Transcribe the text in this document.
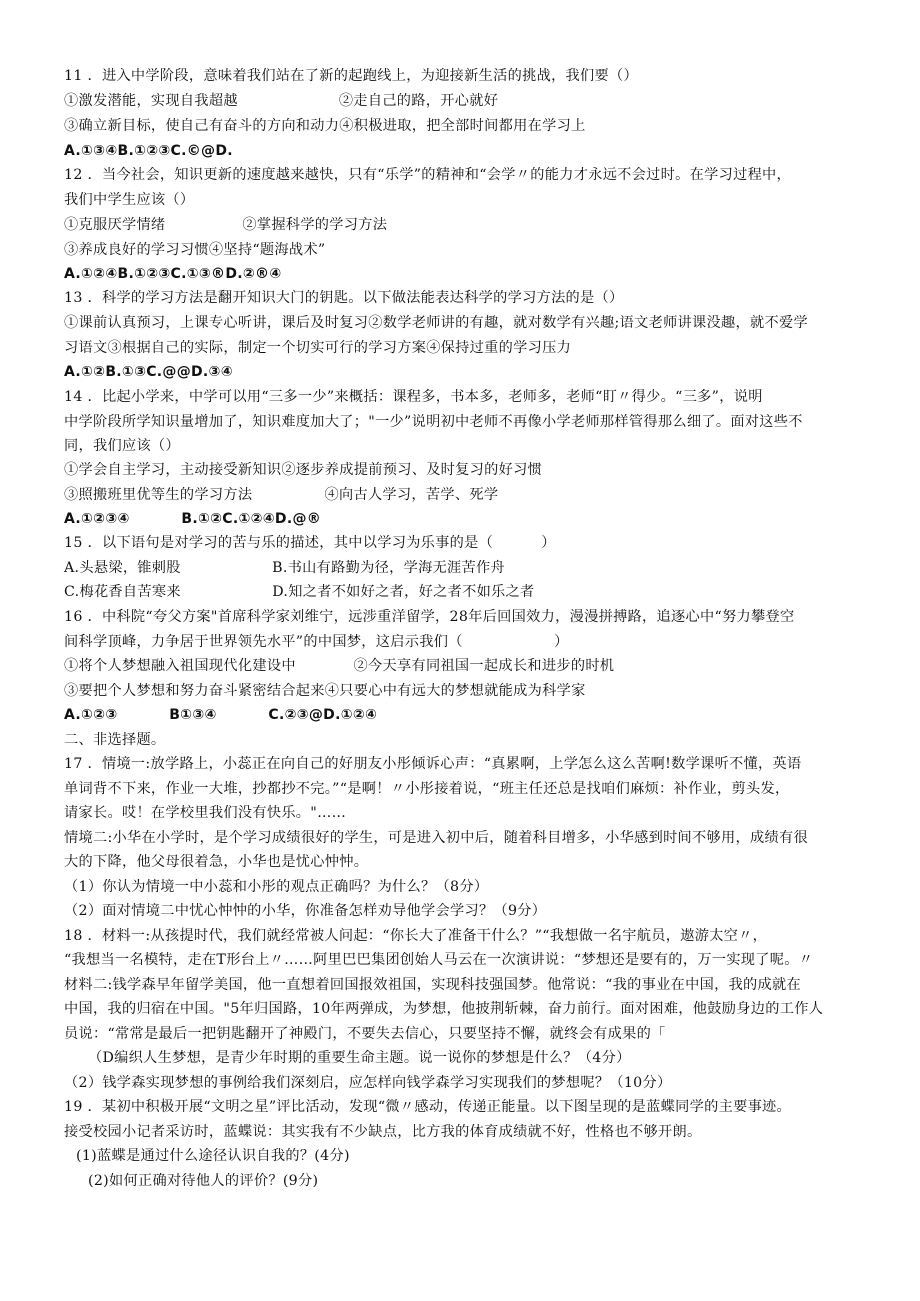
11 ．进入中学阶段，意味着我们站在了新的起跑线上，为迎接新生活的挑战，我们要（）
①激发潜能，实现自我超越                     ②走自己的路，开心就好
③确立新目标，使自己有奋斗的方向和动力④积极进取，把全部时间都用在学习上
A.①③④B.①②③C.©@D.
12 ．当今社会，知识更新的速度越来越快，只有“乐学”的精神和“会学〃的能力才永远不会过时。在学习过程中，
我们中学生应该（）
①克服厌学情绪                ②掌握科学的学习方法
③养成良好的学习习惯④坚持“题海战术”
A.①②④B.①②③C.①③®D.②®④
13 ．科学的学习方法是翻开知识大门的钥匙。以下做法能表达科学的学习方法的是（）
①课前认真预习，上课专心听讲，课后及时复习②数学老师讲的有趣，就对数学有兴趣;语文老师讲课没趣，就不爱学
习语文③根据自己的实际，制定一个切实可行的学习方案④保持过重的学习压力
A.①②B.①③C.@@D.③④
14 ．比起小学来，中学可以用“三多一少”来概括：课程多，书本多，老师多，老师“盯〃得少。“三多”，说明
中学阶段所学知识量增加了，知识难度加大了；"一少”说明初中老师不再像小学老师那样管得那么细了。面对这些不
同，我们应该（）
①学会自主学习，主动接受新知识②逐步养成提前预习、及时复习的好习惯
③照搬班里优等生的学习方法               ④向古人学习，苦学、死学
A.①②③④          B.①②C.①②④D.@®
15 ．以下语句是对学习的苦与乐的描述，其中以学习为乐事的是（          ）
A.头悬梁，锥刺股                   B.书山有路勤为径，学海无涯苦作舟
C.梅花香自苦寒来                   D.知之者不如好之者，好之者不如乐之者
16 ．中科院“夸父方案"首席科学家刘维宁，远涉重洋留学，28年后回国效力，漫漫拼搏路，追逐心中“努力攀登空
间科学顶峰，力争居于世界领先水平”的中国梦，这启示我们（                   ）
①将个人梦想融入祖国现代化建设中            ②今天享有同祖国一起成长和进步的时机
③要把个人梦想和努力奋斗紧密结合起来④只要心中有远大的梦想就能成为科学家
A.①②③          B①③④          C.②③@D.①②④
二、非选择题。
17 ．情境一:放学路上，小蕊正在向自己的好朋友小彤倾诉心声：“真累啊，上学怎么这么苦啊!数学课听不懂，英语
单词背不下来，作业一大堆，抄都抄不完。”“是啊！〃小彤接着说，“班主任还总是找咱们麻烦：补作业，剪头发，
请家长。哎！在学校里我们没有快乐。"……
情境二:小华在小学时，是个学习成绩很好的学生，可是进入初中后，随着科目增多，小华感到时间不够用，成绩有很
大的下降，他父母很着急，小华也是忧心忡忡。
（1）你认为情境一中小蕊和小彤的观点正确吗？为什么？（8分）
（2）面对情境二中忧心忡忡的小华，你准备怎样劝导他学会学习？（9分）
18 ．材料一:从孩提时代，我们就经常被人问起：“你长大了准备干什么？”“我想做一名宇航员，遨游太空〃，
“我想当一名模特，走在T形台上〃……阿里巴巴集团创始人马云在一次演讲说：“梦想还是要有的，万一实现了呢。〃
材料二:钱学森早年留学美国，他一直想着回国报效祖国，实现科技强国梦。他常说：“我的事业在中国，我的成就在
中国，我的归宿在中国。"5年归国路，10年两弹成，为梦想，他披荆斩棘，奋力前行。面对困难，他鼓励身边的工作人
员说：“常常是最后一把钥匙翻开了神殿门，不要失去信心，只要坚持不懈，就终会有成果的「
（D编织人生梦想，是青少年时期的重要生命主题。说一说你的梦想是什么？（4分）
（2）钱学森实现梦想的事例给我们深刻启，应怎样向钱学森学习实现我们的梦想呢？（10分）
19 ．某初中积极开展“文明之星”评比活动，发现“微〃感动，传递正能量。以下图呈现的是蓝蝶同学的主要事迹。
接受校园小记者采访时，蓝蝶说：其实我有不少缺点，比方我的体育成绩就不好，性格也不够开朗。
(1)蓝蝶是通过什么途径认识自我的？(4分)
(2)如何正确对待他人的评价？(9分)
